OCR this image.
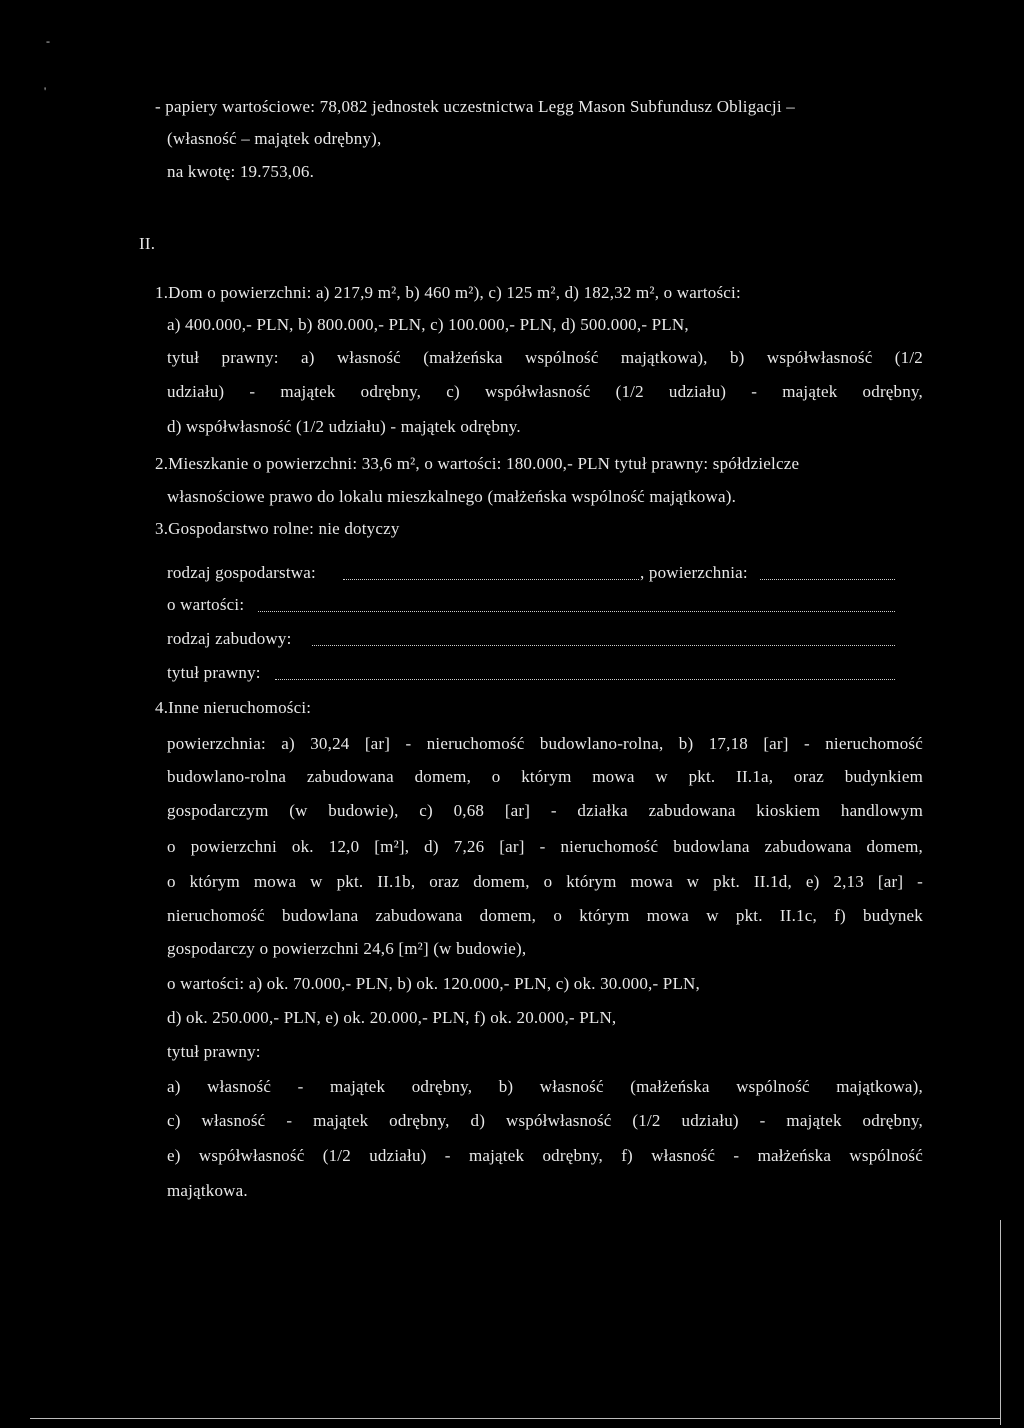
-
'
- papiery wartościowe: 78,082 jednostek uczestnictwa Legg Mason Subfundusz Obligacji –
(własność – majątek odrębny),
na kwotę: 19.753,06.
II.
1.Dom o powierzchni: a) 217,9 m², b) 460 m²), c) 125 m², d) 182,32 m², o wartości:
a) 400.000,- PLN, b) 800.000,- PLN, c) 100.000,- PLN, d) 500.000,- PLN,
tytuł prawny: a) własność (małżeńska wspólność majątkowa), b) współwłasność (1/2
udziału) - majątek odrębny, c) współwłasność (1/2 udziału) - majątek odrębny,
d) współwłasność (1/2 udziału) - majątek odrębny.
2.Mieszkanie o powierzchni: 33,6 m², o wartości: 180.000,- PLN tytuł prawny: spółdzielcze
własnościowe prawo do lokalu mieszkalnego (małżeńska wspólność majątkowa).
3.Gospodarstwo rolne: nie dotyczy
rodzaj gospodarstwa:	, powierzchnia:
o wartości:
rodzaj zabudowy:
tytuł prawny:
4.Inne nieruchomości:
powierzchnia: a) 30,24 [ar] - nieruchomość budowlano-rolna, b) 17,18 [ar] - nieruchomość
budowlano-rolna zabudowana domem, o którym mowa w pkt. II.1a, oraz budynkiem
gospodarczym (w budowie), c) 0,68 [ar] - działka zabudowana kioskiem handlowym
o powierzchni ok. 12,0 [m²], d) 7,26 [ar] - nieruchomość budowlana zabudowana domem,
o którym mowa w pkt. II.1b, oraz domem, o którym mowa w pkt. II.1d, e) 2,13 [ar] -
nieruchomość budowlana zabudowana domem, o którym mowa w pkt. II.1c, f) budynek
gospodarczy o powierzchni 24,6 [m²] (w budowie),
o wartości: a) ok. 70.000,- PLN, b) ok. 120.000,- PLN, c) ok. 30.000,- PLN,
d) ok. 250.000,- PLN, e) ok. 20.000,- PLN, f) ok. 20.000,- PLN,
tytuł prawny:
a) własność - majątek odrębny, b) własność (małżeńska wspólność majątkowa),
c) własność - majątek odrębny, d) współwłasność (1/2 udziału) - majątek odrębny,
e) współwłasność (1/2 udziału) - majątek odrębny, f) własność - małżeńska wspólność
majątkowa.
